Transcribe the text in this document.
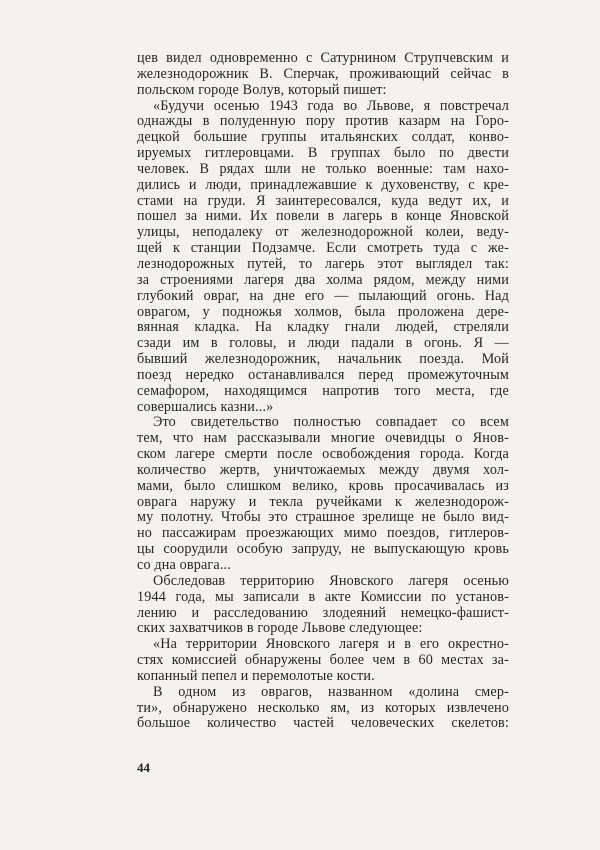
цев видел одновременно с Сатурнином Струпчевским и
железнодорожник В. Сперчак, проживающий сейчас в
польском городе Волув, который пишет:
«Будучи осенью 1943 года во Львове, я повстречал
однажды в полуденную пору против казарм на Горо-
децкой большие группы итальянских солдат, конво-
ируемых гитлеровцами. В группах было по двести
человек. В рядах шли не только военные: там нахо-
дились и люди, принадлежавшие к духовенству, с кре-
стами на груди. Я заинтересовался, куда ведут их, и
пошел за ними. Их повели в лагерь в конце Яновской
улицы, неподалеку от железнодорожной колеи, веду-
щей к станции Подзамче. Если смотреть туда с же-
лезнодорожных путей, то лагерь этот выглядел так:
за строениями лагеря два холма рядом, между ними
глубокий овраг, на дне его — пылающий огонь. Над
оврагом, у подножья холмов, была проложена дере-
вянная кладка. На кладку гнали людей, стреляли
сзади им в головы, и люди падали в огонь. Я —
бывший железнодорожник, начальник поезда. Мой
поезд нередко останавливался перед промежуточным
семафором, находящимся напротив того места, где
совершались казни...»
Это свидетельство полностью совпадает со всем
тем, что нам рассказывали многие очевидцы о Янов-
ском лагере смерти после освобождения города. Когда
количество жертв, уничтожаемых между двумя хол-
мами, было слишком велико, кровь просачивалась из
оврага наружу и текла ручейками к железнодорож-
му полотну. Чтобы это страшное зрелище не было вид-
но пассажирам проезжающих мимо поездов, гитлеров-
цы соорудили особую запруду, не выпускающую кровь
со дна оврага...
Обследовав территорию Яновского лагеря осенью
1944 года, мы записали в акте Комиссии по установ-
лению и расследованию злодеяний немецко-фашист-
ских захватчиков в городе Львове следующее:
«На территории Яновского лагеря и в его окрестно-
стях комиссией обнаружены более чем в 60 местах за-
копанный пепел и перемолотые кости.
В одном из оврагов, названном «долина смер-
ти», обнаружено несколько ям, из которых извлечено
большое количество частей человеческих скелетов:
44
